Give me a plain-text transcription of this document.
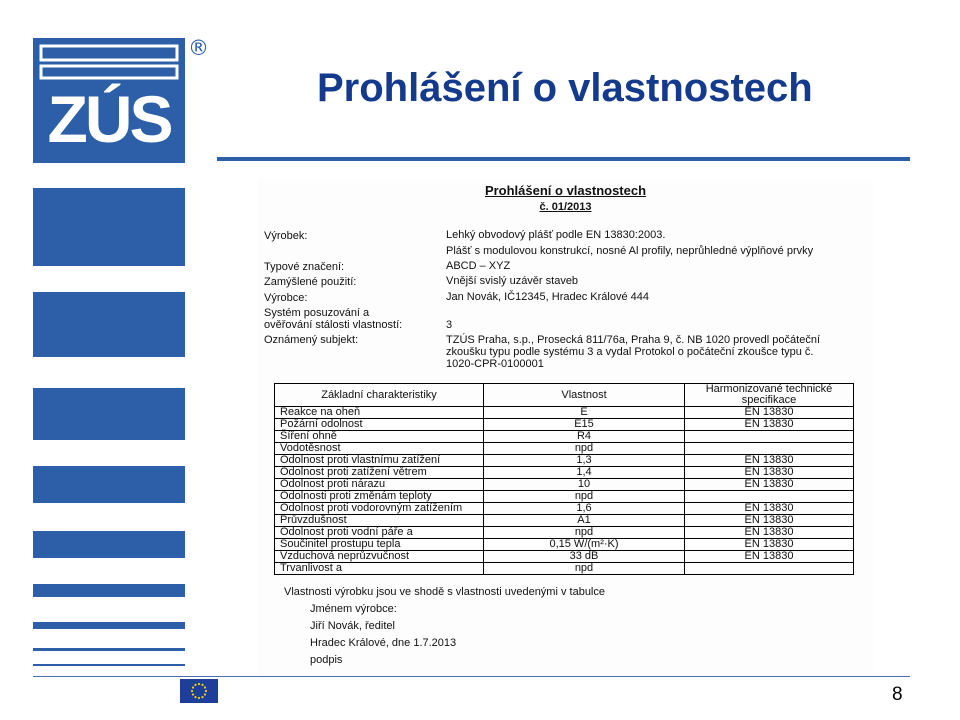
ZÚS
®
Prohlášení o vlastnostech
Prohlášení o vlastnostech
č. 01/2013
Výrobek:	Lehký obvodový plášť podle EN 13830:2003.
Plášť s modulovou konstrukcí, nosné Al profily, neprůhledné výplňové prvky
Typové značení:	ABCD – XYZ
Zamýšlené použití:	Vnější svislý uzávěr staveb
Výrobce:	Jan Novák, IČ12345, Hradec Králové 444
Systém posuzování a
ověřování stálosti vlastností:	3
Oznámený subjekt:	TZÚS Praha, s.p., Prosecká 811/76a, Praha 9, č. NB 1020 provedl počáteční
zkoušku typu podle systému 3 a vydal Protokol o počáteční zkoušce typu č.
1020-CPR-0100001
Základní charakteristiky	Vlastnost	Harmonizované technické specifikace
Reakce na oheň	E	EN 13830
Požární odolnost	E15	EN 13830
Šíření ohně	R4	
Vodotěsnost	npd	
Odolnost proti vlastnímu zatížení	1,3	EN 13830
Odolnost proti zatížení větrem	1,4	EN 13830
Odolnost proti nárazu	10	EN 13830
Odolnosti proti změnám teploty	npd	
Odolnost proti vodorovným zatížením	1,6	EN 13830
Průvzdušnost	A1	EN 13830
Odolnost proti vodní páře a	npd	EN 13830
Součinitel prostupu tepla	0,15 W/(m²·K)	EN 13830
Vzduchová neprůzvučnost	33 dB	EN 13830
Trvanlivost a	npd	
Vlastnosti výrobku jsou ve shodě s vlastnosti uvedenými v tabulce
Jménem výrobce:
Jiří Novák, ředitel
Hradec Králové, dne 1.7.2013
podpis
8
